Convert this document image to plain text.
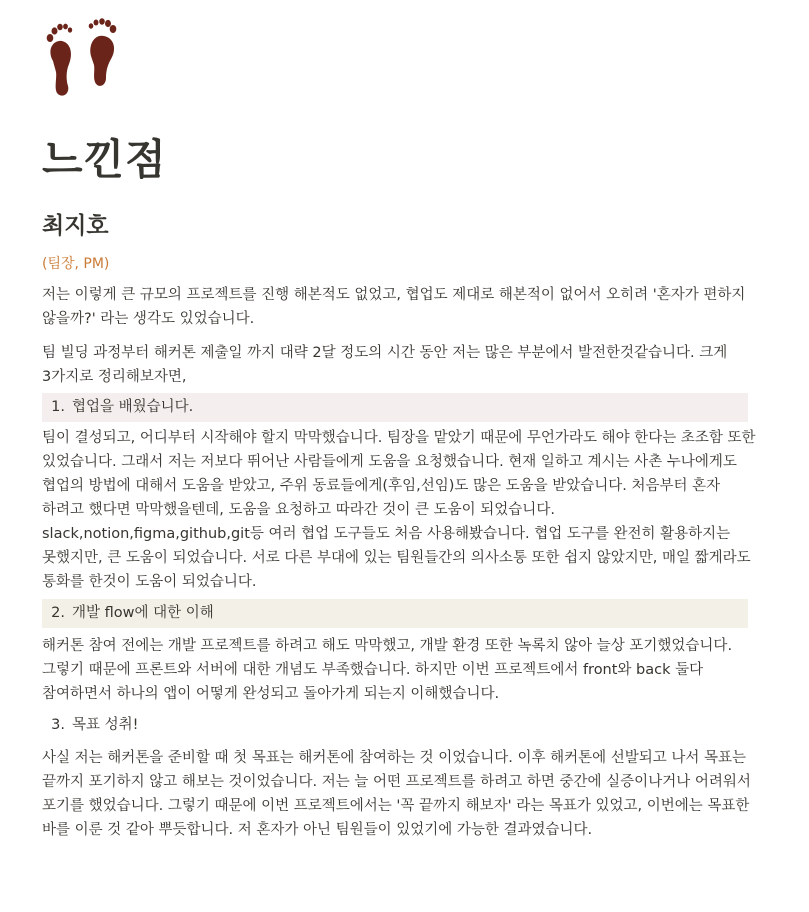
느낀점
최지호
(팀장, PM)

저는 이렇게 큰 규모의 프로젝트를 진행 해본적도 없었고, 협업도 제대로 해본적이 없어서 오히려 '혼자가 편하지 않을까?' 라는 생각도 있었습니다.

팀 빌딩 과정부터 해커톤 제출일 까지 대략 2달 정도의 시간 동안 저는 많은 부분에서 발전한것같습니다. 크게 3가지로 정리해보자면,

1. 협업을 배웠습니다.

팀이 결성되고, 어디부터 시작해야 할지 막막했습니다. 팀장을 맡았기 때문에 무언가라도 해야 한다는 초조함 또한 있었습니다. 그래서 저는 저보다 뛰어난 사람들에게 도움을 요청했습니다. 현재 일하고 계시는 사촌 누나에게도 협업의 방법에 대해서 도움을 받았고, 주위 동료들에게(후임,선임)도 많은 도움을 받았습니다. 처음부터 혼자 하려고 했다면 막막했을텐데, 도움을 요청하고 따라간 것이 큰 도움이 되었습니다. slack,notion,figma,github,git등 여러 협업 도구들도 처음 사용해봤습니다. 협업 도구를 완전히 활용하지는 못했지만, 큰 도움이 되었습니다. 서로 다른 부대에 있는 팀원들간의 의사소통 또한 쉽지 않았지만, 매일 짧게라도 통화를 한것이 도움이 되었습니다.

2. 개발 flow에 대한 이해

해커톤 참여 전에는 개발 프로젝트를 하려고 해도 막막했고, 개발 환경 또한 녹록치 않아 늘상 포기했었습니다. 그렇기 때문에 프론트와 서버에 대한 개념도 부족했습니다. 하지만 이번 프로젝트에서 front와 back 둘다 참여하면서 하나의 앱이 어떻게 완성되고 돌아가게 되는지 이해했습니다.

3. 목표 성취!

사실 저는 해커톤을 준비할 때 첫 목표는 해커톤에 참여하는 것 이었습니다. 이후 해커톤에 선발되고 나서 목표는 끝까지 포기하지 않고 해보는 것이었습니다. 저는 늘 어떤 프로젝트를 하려고 하면 중간에 실증이나거나 어려워서 포기를 했었습니다. 그렇기 때문에 이번 프로젝트에서는 '꼭 끝까지 해보자' 라는 목표가 있었고, 이번에는 목표한 바를 이룬 것 같아 뿌듯합니다. 저 혼자가 아닌 팀원들이 있었기에 가능한 결과였습니다.
